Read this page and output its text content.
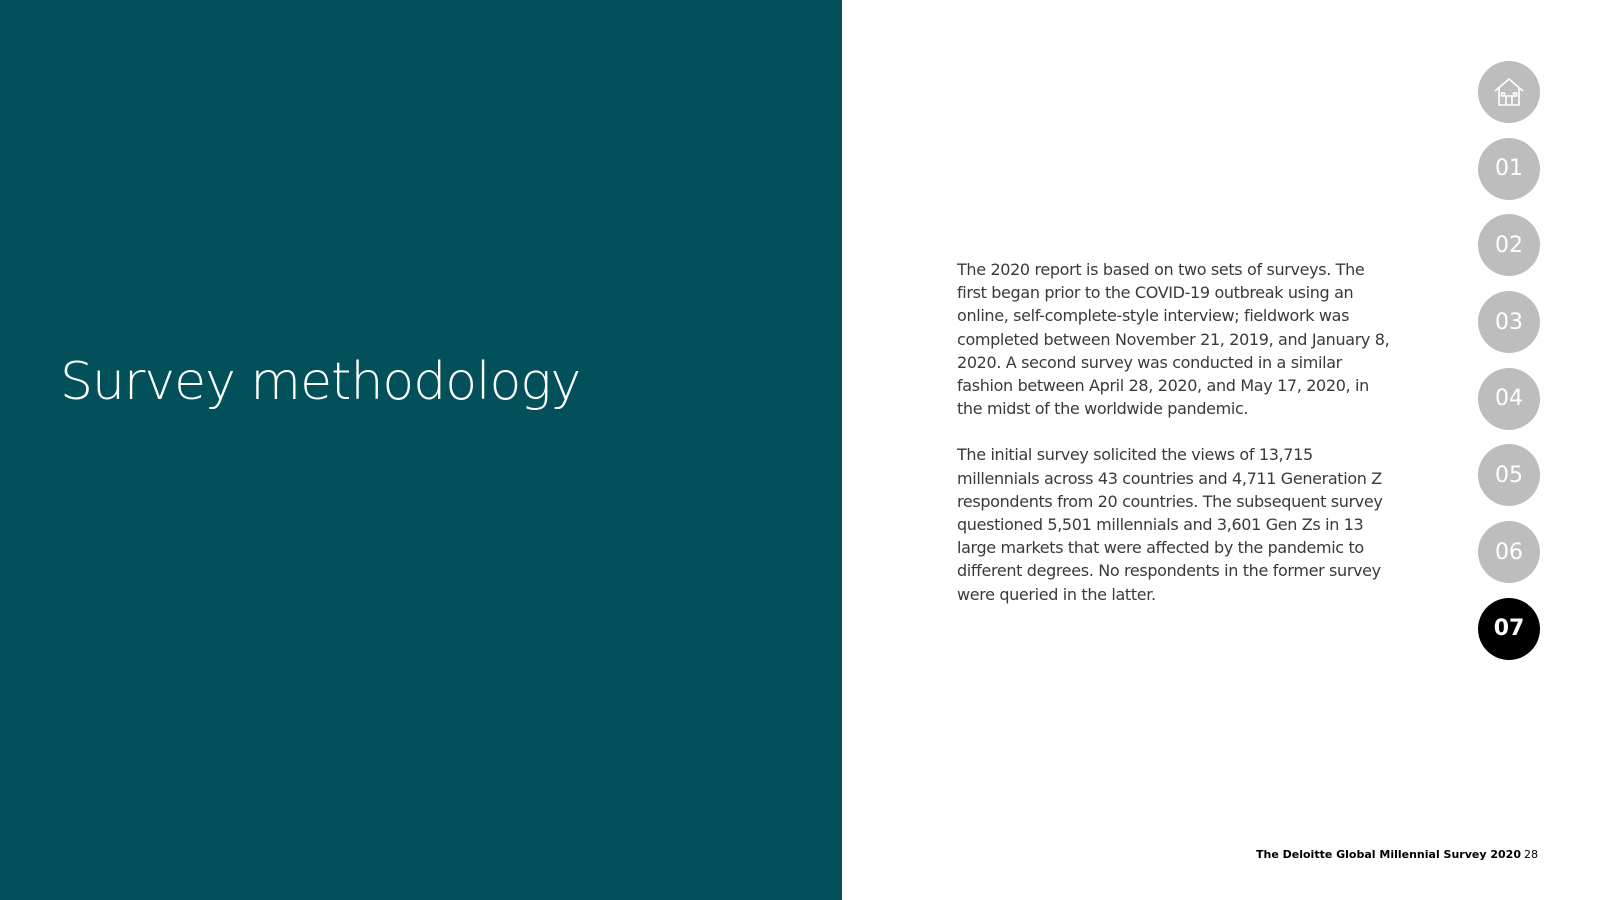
Survey methodology

The 2020 report is based on two sets of surveys. The first began prior to the COVID-19 outbreak using an online, self-complete-style interview; fieldwork was completed between November 21, 2019, and January 8, 2020. A second survey was conducted in a similar fashion between April 28, 2020, and May 17, 2020, in the midst of the worldwide pandemic.

The initial survey solicited the views of 13,715 millennials across 43 countries and 4,711 Generation Z respondents from 20 countries. The subsequent survey questioned 5,501 millennials and 3,601 Gen Zs in 13 large markets that were affected by the pandemic to different degrees. No respondents in the former survey were queried in the latter.

01
02
03
04
05
06
07
The Deloitte Global Millennial Survey 2020 28
